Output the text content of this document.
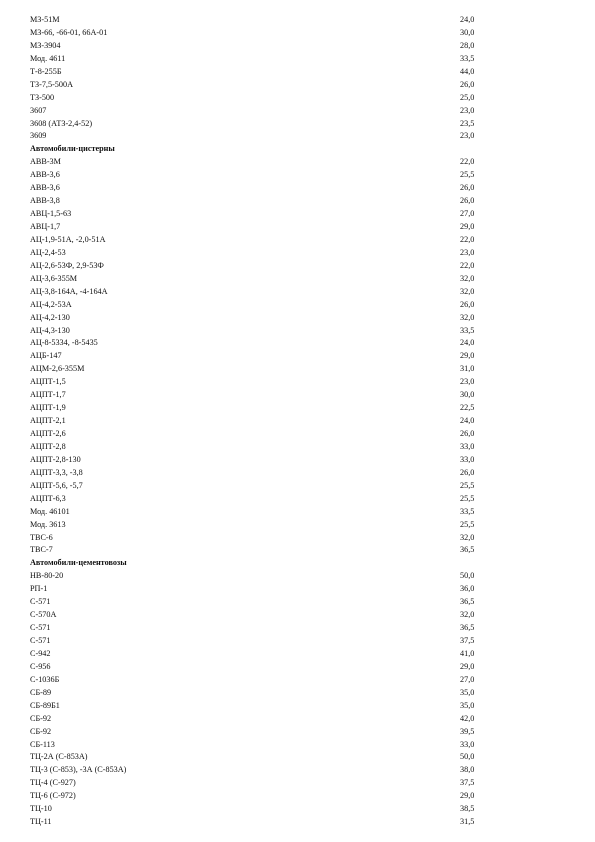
МЗ-51М	24,0
МЗ-66, -66-01, 66А-01	30,0
МЗ-3904	28,0
Мод. 4611	33,5
Т-8-255Б	44,0
ТЗ-7,5-500А	26,0
ТЗ-500	25,0
3607	23,0
3608 (АТЗ-2,4-52)	23,5
3609	23,0
Автомобили-цистерны
АВВ-3М	22,0
АВВ-3,6	25,5
АВВ-3,6	26,0
АВВ-3,8	26,0
АВЦ-1,5-63	27,0
АВЦ-1,7	29,0
АЦ-1,9-51А, -2,0-51А	22,0
АЦ-2,4-53	23,0
АЦ-2,6-53Ф, 2,9-53Ф	22,0
АЦ-3,6-355М	32,0
АЦ-3,8-164А, -4-164А	32,0
АЦ-4,2-53А	26,0
АЦ-4,2-130	32,0
АЦ-4,3-130	33,5
АЦ-8-5334, -8-5435	24,0
АЦБ-147	29,0
АЦМ-2,6-355М	31,0
АЦПТ-1,5	23,0
АЦПТ-1,7	30,0
АЦПТ-1,9	22,5
АЦПТ-2,1	24,0
АЦПТ-2,6	26,0
АЦПТ-2,8	33,0
АЦПТ-2,8-130	33,0
АЦПТ-3,3, -3,8	26,0
АЦПТ-5,6, -5,7	25,5
АЦПТ-6,3	25,5
Мод. 46101	33,5
Мод. 3613	25,5
ТВС-6	32,0
ТВС-7	36,5
Автомобили-цементовозы
НВ-80-20	50,0
РП-1	36,0
С-571	36,5
С-570А	32,0
С-571	36,5
С-571	37,5
С-942	41,0
С-956	29,0
С-1036Б	27,0
СБ-89	35,0
СБ-89Б1	35,0
СБ-92	42,0
СБ-92	39,5
СБ-113	33,0
ТЦ-2А (С-853А)	50,0
ТЦ-3 (С-853), -3А (С-853А)	38,0
ТЦ-4 (С-927)	37,5
ТЦ-6 (С-972)	29,0
ТЦ-10	38,5
ТЦ-11	31,5
